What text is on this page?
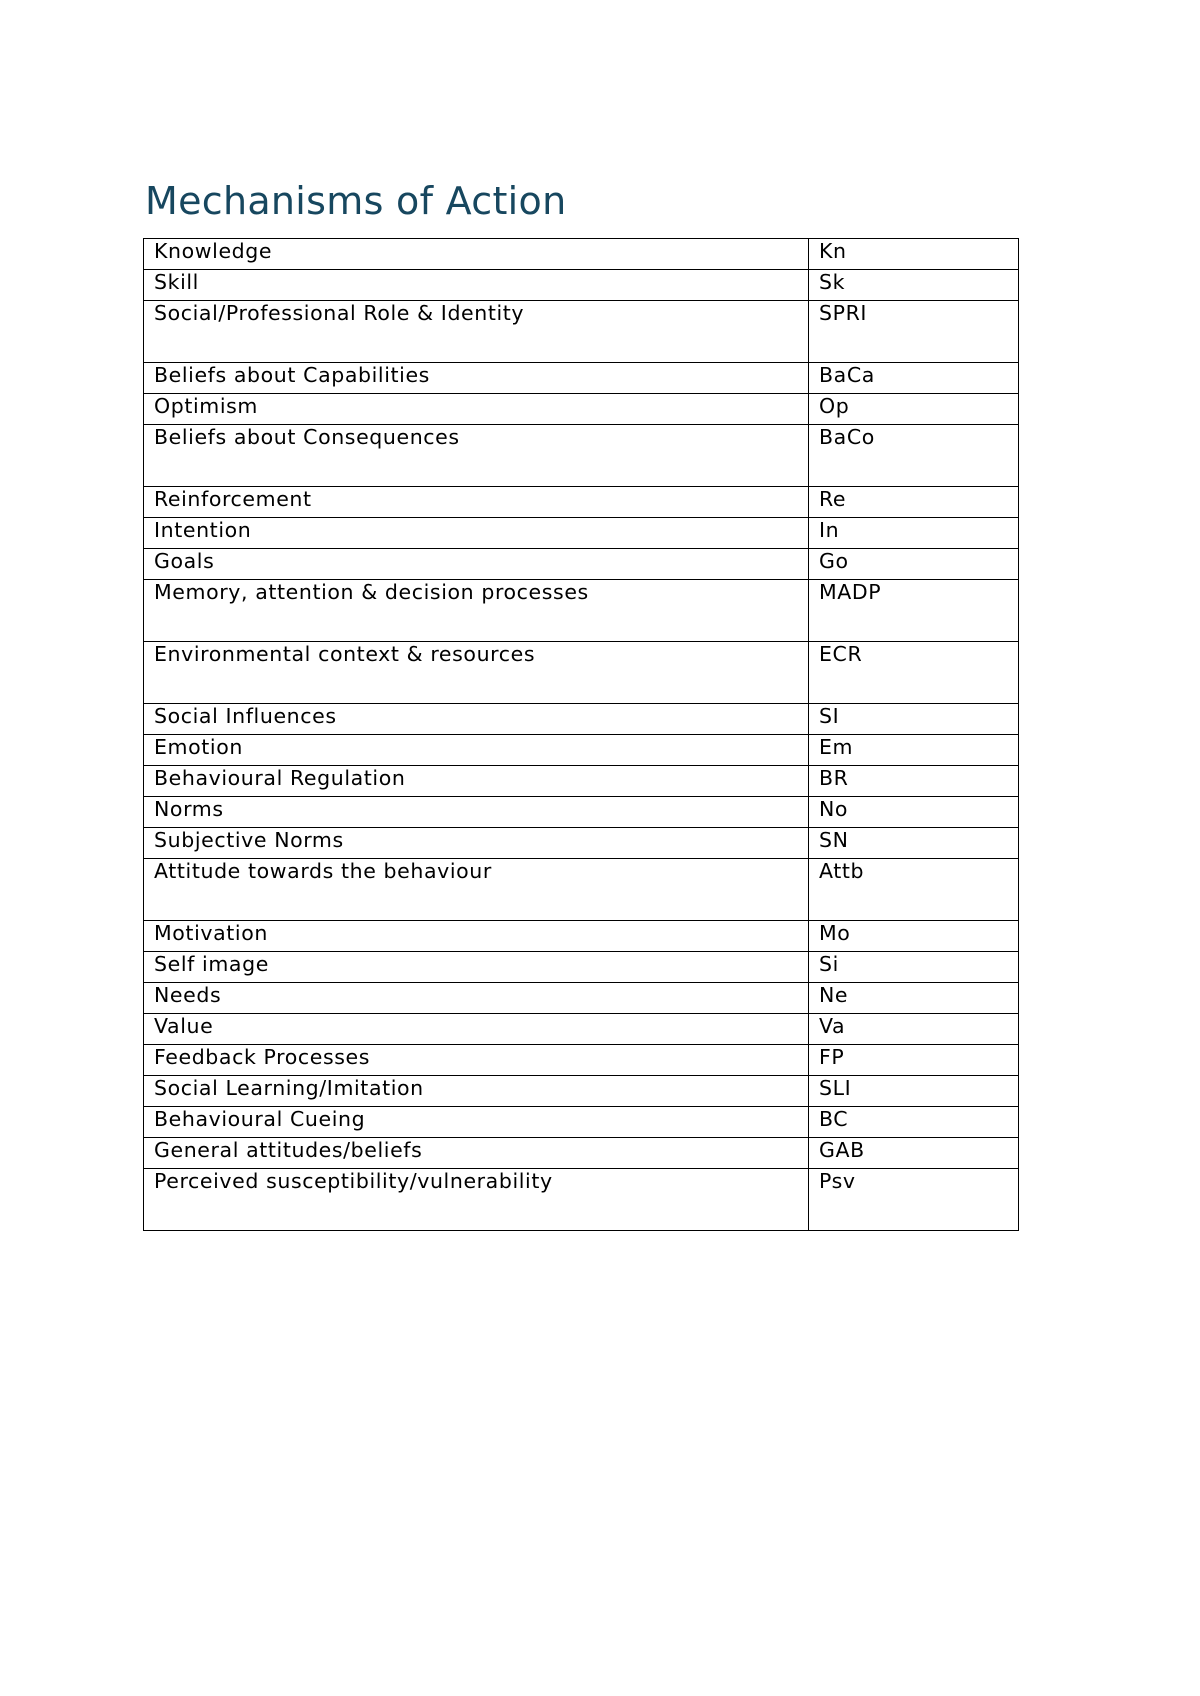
Mechanisms of Action
Knowledge	Kn
Skill	Sk
Social/Professional Role & Identity	SPRI
Beliefs about Capabilities	BaCa
Optimism	Op
Beliefs about Consequences	BaCo
Reinforcement	Re
Intention	In
Goals	Go
Memory, attention & decision processes	MADP
Environmental context & resources	ECR
Social Influences	SI
Emotion	Em
Behavioural Regulation	BR
Norms	No
Subjective Norms	SN
Attitude towards the behaviour	Attb
Motivation	Mo
Self image	Si
Needs	Ne
Value	Va
Feedback Processes	FP
Social Learning/Imitation	SLI
Behavioural Cueing	BC
General attitudes/beliefs	GAB
Perceived susceptibility/vulnerability	Psv
